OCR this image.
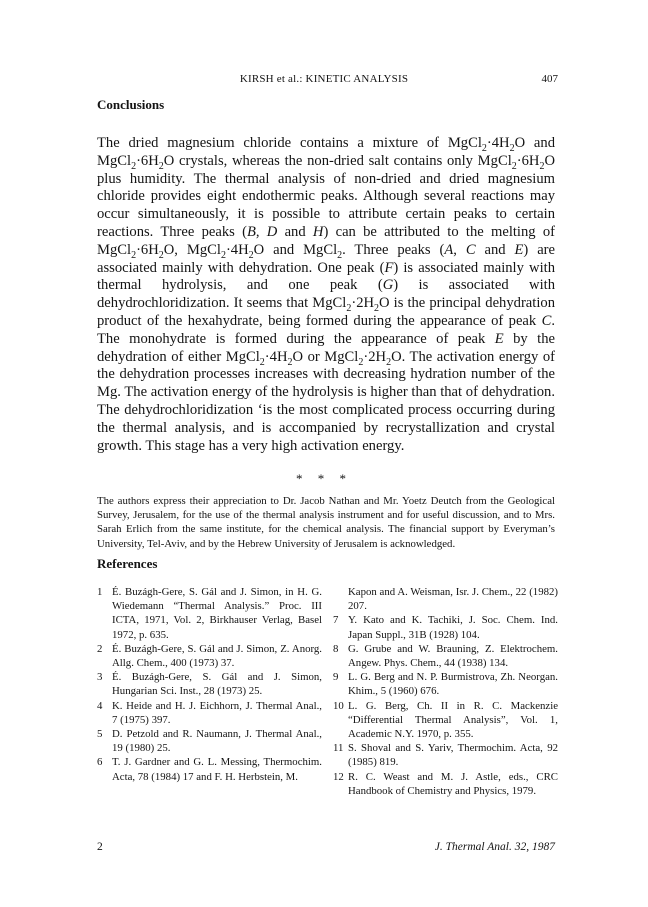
KIRSH et al.: KINETIC ANALYSIS	407
Conclusions

The dried magnesium chloride contains a mixture of $MgCl_2\cdot 4H_2O$ and $MgCl_2\cdot 6H_2O$ crystals, whereas the non-dried salt contains only $MgCl_2\cdot 6H_2O$ plus humidity. The thermal analysis of non-dried and dried magnesium chloride provides eight endothermic peaks. Although several reactions may occur simultaneously, it is possible to attribute certain peaks to certain reactions. Three peaks (B, D and H) can be attributed to the melting of $MgCl_2\cdot 6H_2O$, $MgCl_2\cdot 4H_2O$ and MgCl$_2$. Three peaks (A, C and E) are associated mainly with dehydration. One peak (F) is associated mainly with thermal hydrolysis, and one peak (G) is associated with dehydrochloridization. It seems that $MgCl_2\cdot 2H_2O$ is the principal dehydration product of the hexahydrate, being formed during the appearance of peak C. The monohydrate is formed during the appearance of peak E by the dehydration of either $MgCl_2\cdot 4H_2O$ or $MgCl_2\cdot 2H_2O$. The activation energy of the dehydration processes increases with decreasing hydration number of the Mg. The activation energy of the hydrolysis is higher than that of dehydration. The dehydrochloridization ʻis the most complicated process occurring during the thermal analysis, and is accompanied by recrystallization and crystal growth. This stage has a very high activation energy.

* * *

The authors express their appreciation to Dr. Jacob Nathan and Mr. Yoetz Deutch from the Geological Survey, Jerusalem, for the use of the thermal analysis instrument and for useful discussion, and to Mrs. Sarah Erlich from the same institute, for the chemical analysis. The financial support by Everyman’s University, Tel-Aviv, and by the Hebrew University of Jerusalem is acknowledged.

References
1 É. Buzágh-Gere, S. Gál and J. Simon, in H. G. Wiedemann “Thermal Analysis.” Proc. III ICTA, 1971, Vol. 2, Birkhauser Verlag, Basel 1972, p. 635.
2 É. Buzágh-Gere, S. Gál and J. Simon, Z. Anorg. Allg. Chem., 400 (1973) 37.
3 É. Buzágh-Gere, S. Gál and J. Simon, Hungarian Sci. Inst., 28 (1973) 25.
4 K. Heide and H. J. Eichhorn, J. Thermal Anal., 7 (1975) 397.
5 D. Petzold and R. Naumann, J. Thermal Anal., 19 (1980) 25.
6 T. J. Gardner and G. L. Messing, Thermochim. Acta, 78 (1984) 17 and F. H. Herbstein, M.
Kapon and A. Weisman, Isr. J. Chem., 22 (1982) 207.
7 Y. Kato and K. Tachiki, J. Soc. Chem. Ind. Japan Suppl., 31B (1928) 104.
8 G. Grube and W. Brauning, Z. Elektrochem. Angew. Phys. Chem., 44 (1938) 134.
9 L. G. Berg and N. P. Burmistrova, Zh. Neorgan. Khim., 5 (1960) 676.
10 L. G. Berg, Ch. II in R. C. Mackenzie “Differential Thermal Analysis”, Vol. 1, Academic N.Y. 1970, p. 355.
11 S. Shoval and S. Yariv, Thermochim. Acta, 92 (1985) 819.
12 R. C. Weast and M. J. Astle, eds., CRC Handbook of Chemistry and Physics, 1979.
2	J. Thermal Anal. 32, 1987
